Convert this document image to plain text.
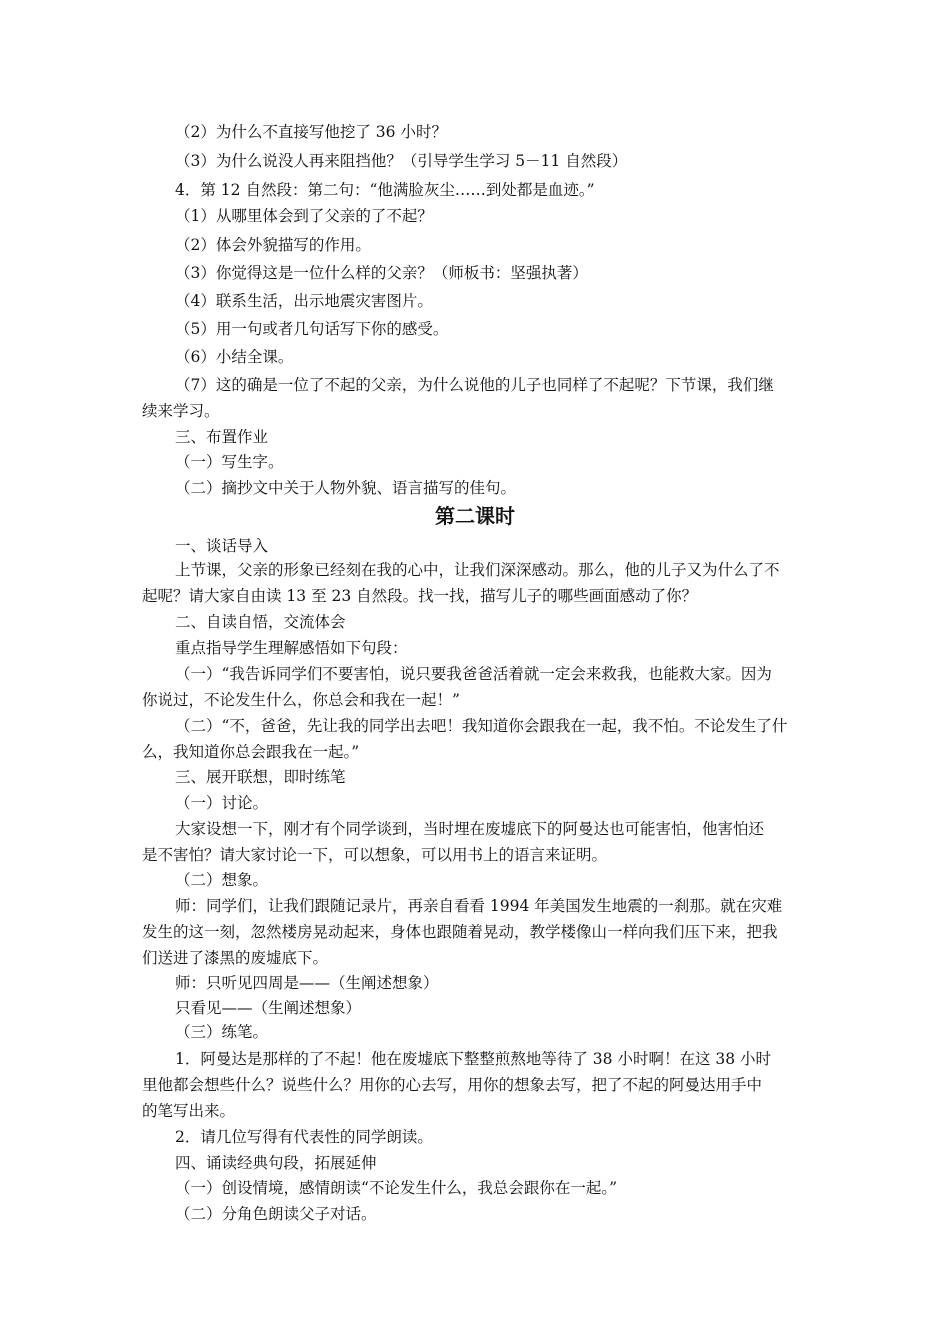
（2）为什么不直接写他挖了 36 小时？
（3）为什么说没人再来阻挡他？（引导学生学习 5－11 自然段）
4．第 12 自然段：第二句：“他满脸灰尘……到处都是血迹。”
（1）从哪里体会到了父亲的了不起？
（2）体会外貌描写的作用。
（3）你觉得这是一位什么样的父亲？（师板书：坚强执著）
（4）联系生活，出示地震灾害图片。
（5）用一句或者几句话写下你的感受。
（6）小结全课。
（7）这的确是一位了不起的父亲，为什么说他的儿子也同样了不起呢？下节课，我们继
续来学习。
三、布置作业
（一）写生字。
（二）摘抄文中关于人物外貌、语言描写的佳句。
第二课时
一、谈话导入
上节课，父亲的形象已经刻在我的心中，让我们深深感动。那么，他的儿子又为什么了不
起呢？请大家自由读 13 至 23 自然段。找一找，描写儿子的哪些画面感动了你？
二、自读自悟，交流体会
重点指导学生理解感悟如下句段：
（一）“我告诉同学们不要害怕，说只要我爸爸活着就一定会来救我，也能救大家。因为
你说过，不论发生什么，你总会和我在一起！”
（二）“不，爸爸，先让我的同学出去吧！我知道你会跟我在一起，我不怕。不论发生了什
么，我知道你总会跟我在一起。”
三、展开联想，即时练笔
（一）讨论。
大家设想一下，刚才有个同学谈到，当时埋在废墟底下的阿曼达也可能害怕，他害怕还
是不害怕？请大家讨论一下，可以想象，可以用书上的语言来证明。
（二）想象。
师：同学们，让我们跟随记录片，再亲自看看 1994 年美国发生地震的一刹那。就在灾难
发生的这一刻，忽然楼房晃动起来，身体也跟随着晃动，教学楼像山一样向我们压下来，把我
们送进了漆黑的废墟底下。
师：只听见四周是——（生阐述想象）
只看见——（生阐述想象）
（三）练笔。
1．阿曼达是那样的了不起！他在废墟底下整整煎熬地等待了 38 小时啊！在这 38 小时
里他都会想些什么？说些什么？用你的心去写，用你的想象去写，把了不起的阿曼达用手中
的笔写出来。
2．请几位写得有代表性的同学朗读。
四、诵读经典句段，拓展延伸
（一）创设情境，感情朗读“不论发生什么，我总会跟你在一起。”
（二）分角色朗读父子对话。
